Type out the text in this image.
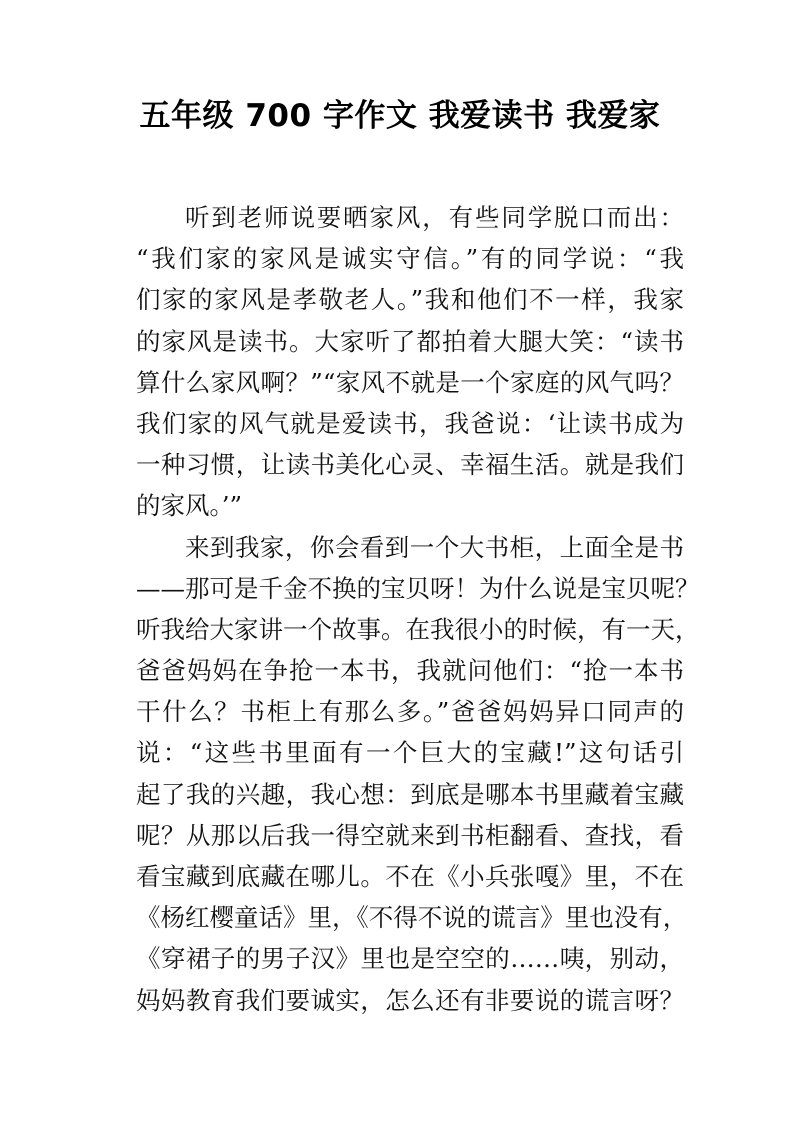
五年级 700 字作文 我爱读书 我爱家
听到老师说要晒家风，有些同学脱口而出：
“我们家的家风是诚实守信。”有的同学说：“我
们家的家风是孝敬老人。”我和他们不一样，我家
的家风是读书。大家听了都拍着大腿大笑：“读书
算什么家风啊？”“家风不就是一个家庭的风气吗？
我们家的风气就是爱读书，我爸说：‘让读书成为
一种习惯，让读书美化心灵、幸福生活。就是我们
的家风。’”
来到我家，你会看到一个大书柜，上面全是书
——那可是千金不换的宝贝呀！为什么说是宝贝呢？
听我给大家讲一个故事。在我很小的时候，有一天，
爸爸妈妈在争抢一本书，我就问他们：“抢一本书
干什么？书柜上有那么多。”爸爸妈妈异口同声的
说：“这些书里面有一个巨大的宝藏!”这句话引
起了我的兴趣，我心想：到底是哪本书里藏着宝藏
呢？从那以后我一得空就来到书柜翻看、查找，看
看宝藏到底藏在哪儿。不在《小兵张嘎》里，不在
《杨红樱童话》里，《不得不说的谎言》里也没有，
《穿裙子的男子汉》里也是空空的……咦，别动，
妈妈教育我们要诚实，怎么还有非要说的谎言呀？
